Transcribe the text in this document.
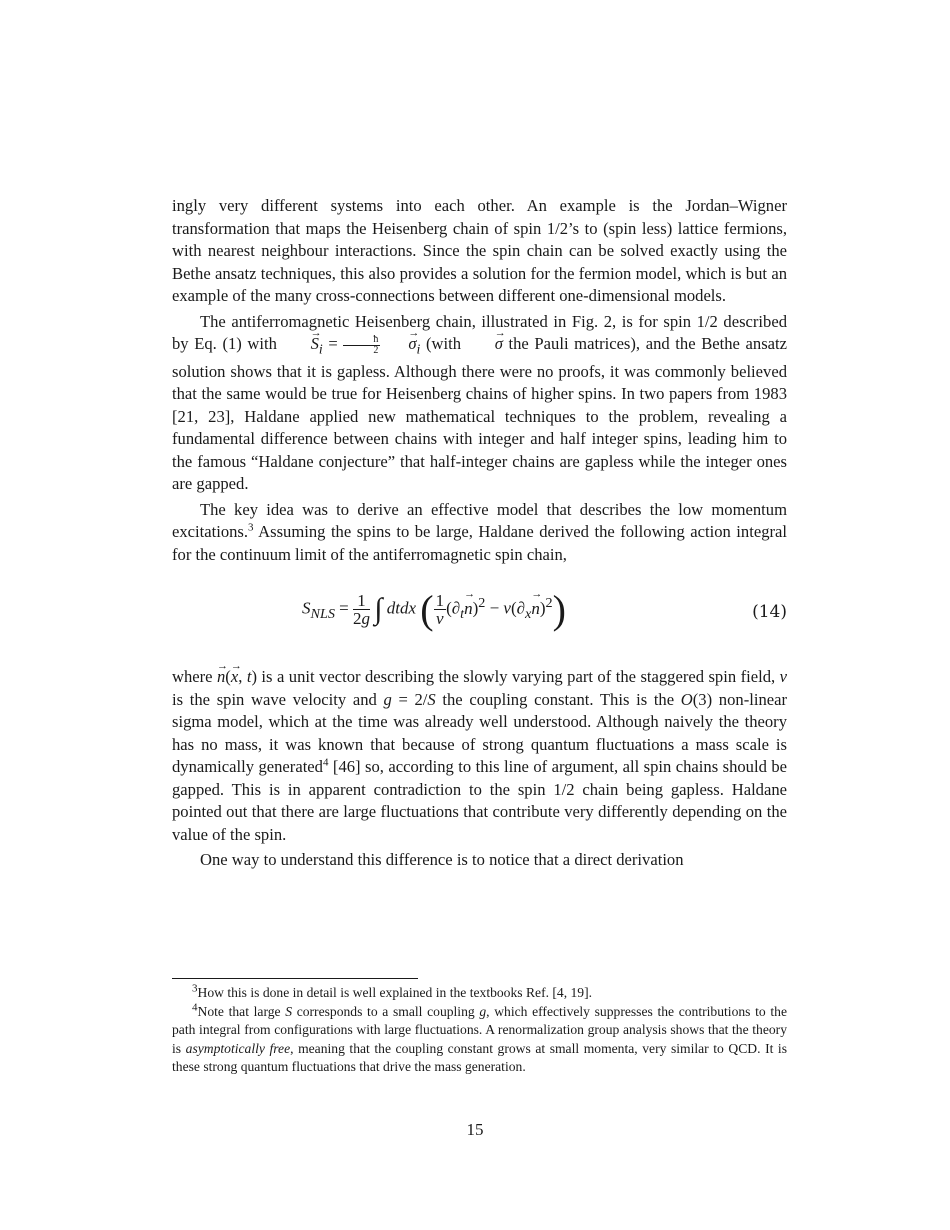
ingly very different systems into each other. An example is the Jordan–Wigner transformation that maps the Heisenberg chain of spin 1/2’s to (spin less) lattice fermions, with nearest neighbour interactions. Since the spin chain can be solved exactly using the Bethe ansatz techniques, this also provides a solution for the fermion model, which is but an example of the many cross-connections between different one-dimensional models.

The antiferromagnetic Heisenberg chain, illustrated in Fig. 2, is for spin 1/2 described by Eq. (1) with → $S_i = \frac{ħ}{2}$
→ $\sigma_i$ (with → σ the Pauli matrices), and the Bethe ansatz solution shows that it is gapless. Although there were no proofs, it was commonly believed that the same would be true for Heisenberg chains of higher spins. In two papers from 1983 [21, 23], Haldane applied new mathematical techniques to the problem, revealing a fundamental difference between chains with integer and half integer spins, leading him to the famous “Haldane conjecture” that half-integer chains are gapless while the integer ones are gapped.

The key idea was to derive an effective model that describes the low momentum excitations.$^3$ Assuming the spins to be large, Haldane derived the following action integral for the continuum limit of the antiferromagnetic spin chain,

$S_{NLS} = \frac{1}{2g}$ ∫ dtdx ( $\frac{1}{v} (\partial_t\to n)^2 - v(\partial_x\to n)^2$)	(14)

where → n(→ x, t) is a unit vector describing the slowly varying part of the staggered spin field, v is the spin wave velocity and g = 2/S the coupling constant. This is the O(3) non-linear sigma model, which at the time was already well understood. Although naively the theory has no mass, it was known that because of strong quantum fluctuations a mass scale is dynamically generated$^4$ [46] so, according to this line of argument, all spin chains should be gapped. This is in apparent contradiction to the spin 1/2 chain being gapless. Haldane pointed out that there are large fluctuations that contribute very differently depending on the value of the spin.

One way to understand this difference is to notice that a direct derivation

$^3$How this is done in detail is well explained in the textbooks Ref. [4, 19].

$^4$Note that large S corresponds to a small coupling g, which effectively suppresses the contributions to the path integral from configurations with large fluctuations. A renormalization group analysis shows that the theory is asymptotically free, meaning that the coupling constant grows at small momenta, very similar to QCD. It is these strong quantum fluctuations that drive the mass generation.

15
